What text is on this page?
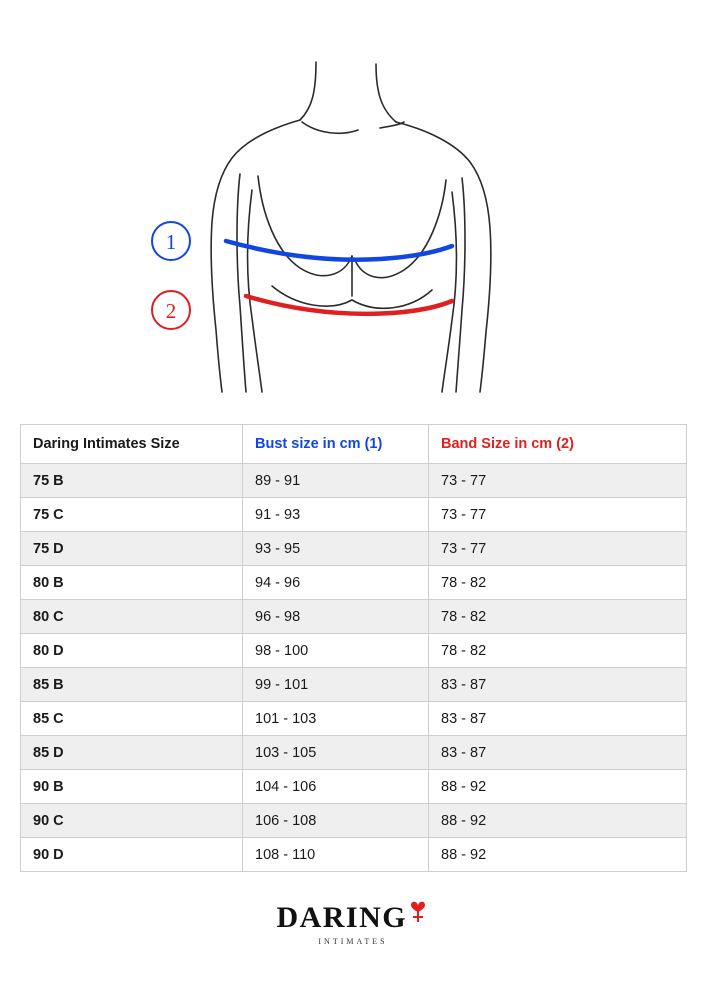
1
2
Daring Intimates Size	Bust size in cm (1)	Band Size in cm (2)
75 B	89 - 91	73 - 77
75 C	91 - 93	73 - 77
75 D	93 - 95	73 - 77
80 B	94 - 96	78 - 82
80 C	96 - 98	78 - 82
80 D	98 - 100	78 - 82
85 B	99 - 101	83 - 87
85 C	101 - 103	83 - 87
85 D	103 - 105	83 - 87
90 B	104 - 106	88 - 92
90 C	106 - 108	88 - 92
90 D	108 - 110	88 - 92
DARING
INTIMATES
